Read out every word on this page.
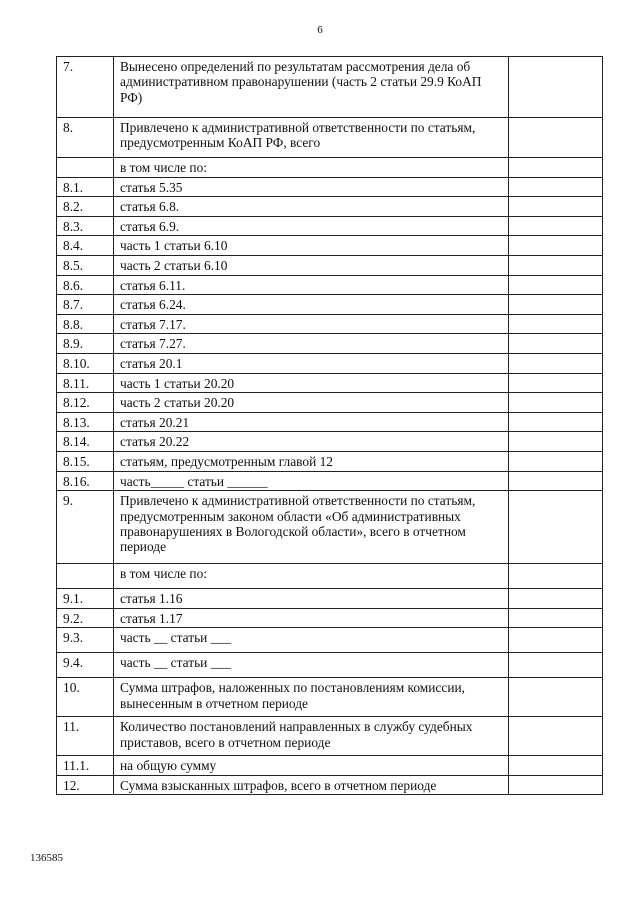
6
7.	Вынесено определений по результатам рассмотрения дела об административном правонарушении (часть 2 статьи 29.9 КоАП РФ)	
8.	Привлечено к административной ответственности по статьям, предусмотренным КоАП РФ, всего	
	в том числе по:	
8.1.	статья 5.35	
8.2.	статья 6.8.	
8.3.	статья 6.9.	
8.4.	часть 1 статьи 6.10	
8.5.	часть 2 статьи 6.10	
8.6.	статья 6.11.	
8.7.	статья 6.24.	
8.8.	статья 7.17.	
8.9.	статья 7.27.	
8.10.	статья 20.1	
8.11.	часть 1 статьи 20.20	
8.12.	часть 2 статьи 20.20	
8.13.	статья 20.21	
8.14.	статья 20.22	
8.15.	статьям, предусмотренным главой 12	
8.16.	часть_____ статьи ______	
9.	Привлечено к административной ответственности по статьям, предусмотренным законом области «Об административных правонарушениях в Вологодской области», всего в отчетном периоде	
	в том числе по:	
9.1.	статья 1.16	
9.2.	статья 1.17	
9.3.	часть __ статьи ___	
9.4.	часть __ статьи ___	
10.	Сумма штрафов, наложенных по постановлениям комиссии, вынесенным в отчетном периоде	
11.	Количество постановлений направленных в службу судебных приставов, всего в отчетном периоде	
11.1.	на общую сумму	
12.	Сумма взысканных штрафов, всего в отчетном периоде	
136585
